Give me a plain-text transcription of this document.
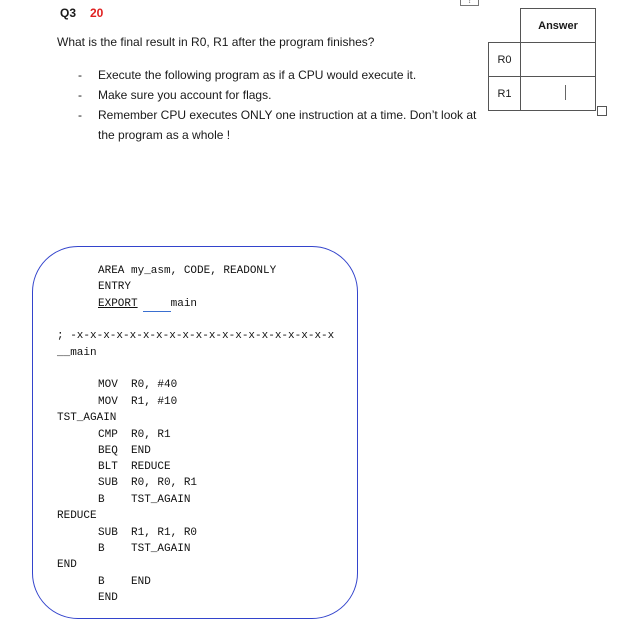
↕
Q3 20
What is the final result in R0, R1 after the program finishes?
- Execute the following program as if a CPU would execute it.
- Make sure you account for flags.
- Remember CPU executes ONLY one instruction at a time. Don’t look at the program as a whole !
	Answer
R0	
R1	
AREA my_asm, CODE, READONLY
ENTRY
EXPORT	main
; -x-x-x-x-x-x-x-x-x-x-x-x-x-x-x-x-x-x-x-x
__main
MOV  R0, #40
MOV  R1, #10
TST_AGAIN
CMP  R0, R1
BEQ  END
BLT  REDUCE
SUB  R0, R0, R1
B    TST_AGAIN
REDUCE
SUB  R1, R1, R0
B    TST_AGAIN
END
B    END
END
